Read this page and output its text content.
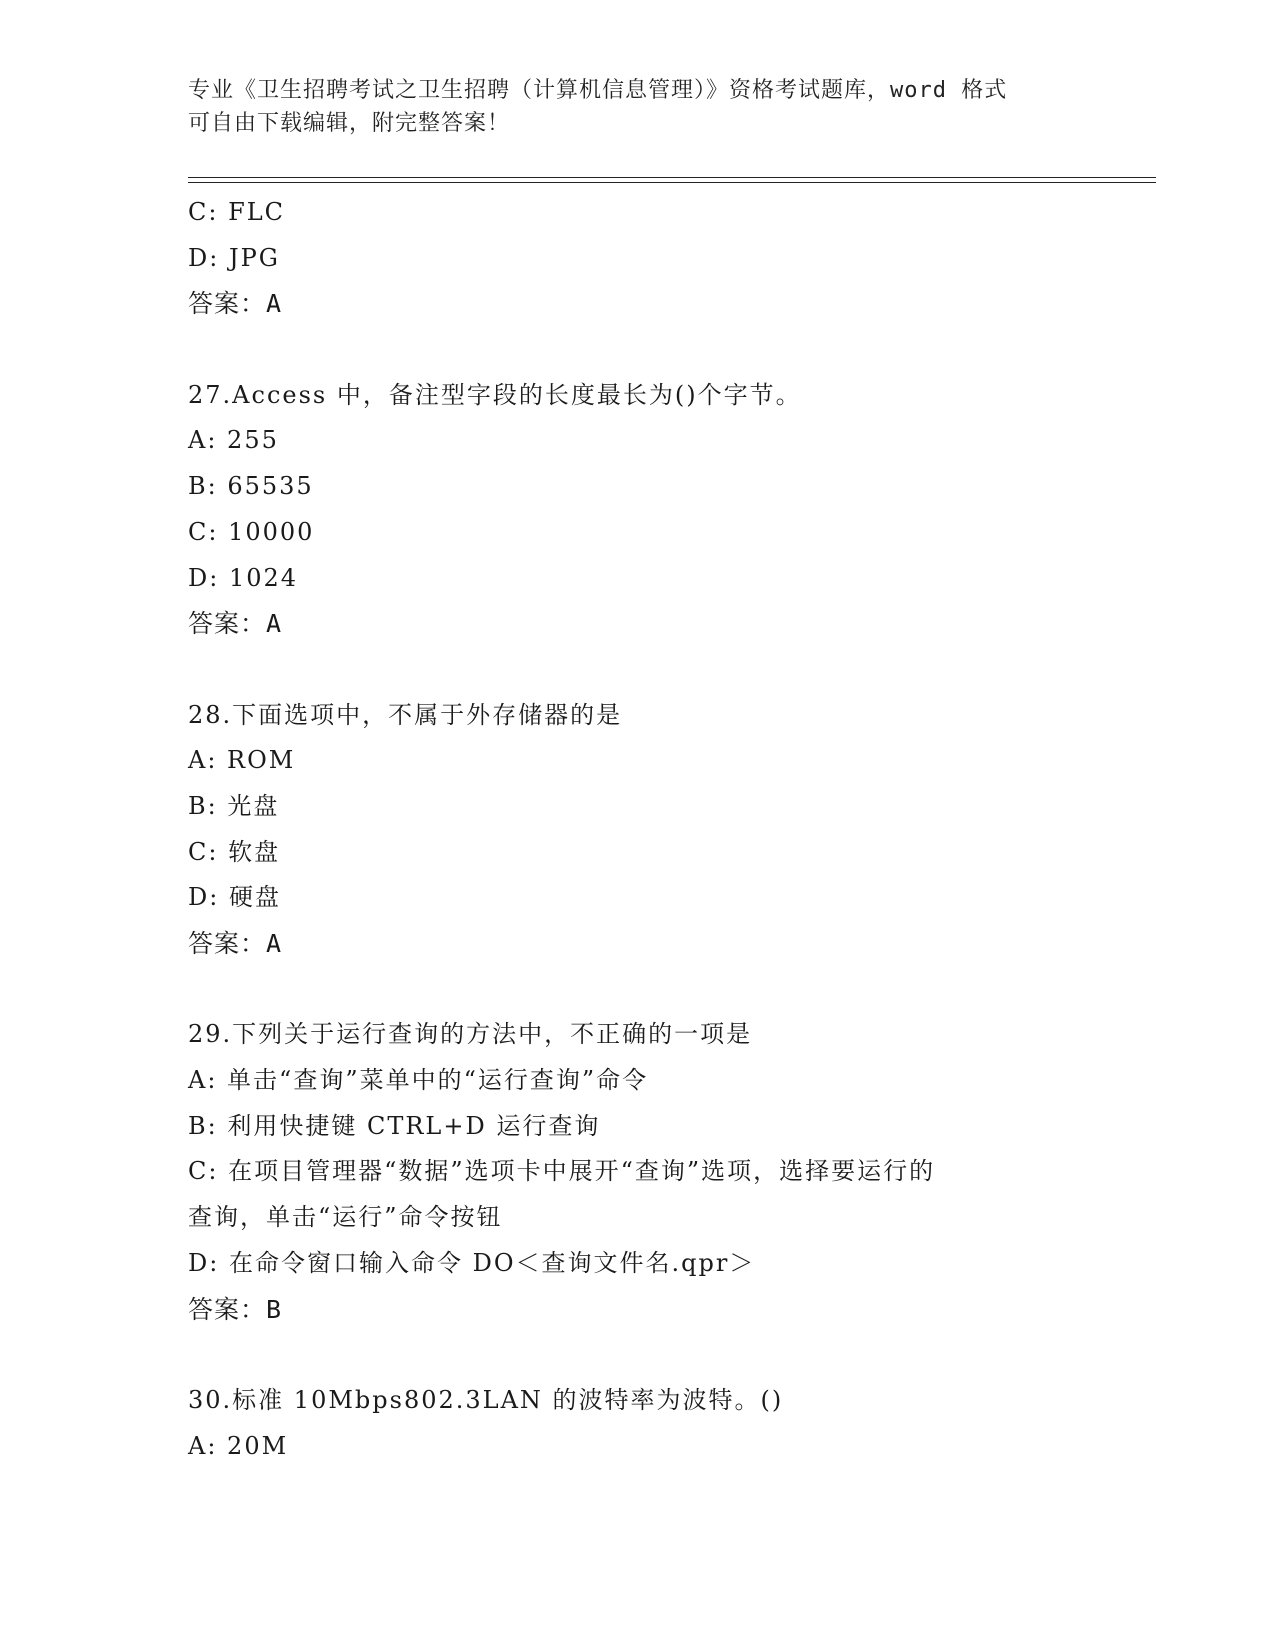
专业《卫生招聘考试之卫生招聘（计算机信息管理）》资格考试题库，word 格式
可自由下载编辑，附完整答案！
C: FLC
D: JPG
答案：A
27.Access 中，备注型字段的长度最长为()个字节。
A: 255
B: 65535
C: 10000
D: 1024
答案：A
28.下面选项中，不属于外存储器的是
A: ROM
B: 光盘
C: 软盘
D: 硬盘
答案：A
29.下列关于运行查询的方法中，不正确的一项是
A: 单击“查询”菜单中的“运行查询”命令
B: 利用快捷键 CTRL+D 运行查询
C: 在项目管理器“数据”选项卡中展开“查询”选项，选择要运行的
查询，单击“运行”命令按钮
D: 在命令窗口输入命令 DO＜查询文件名.qpr＞
答案：B
30.标准 10Mbps802.3LAN 的波特率为波特。()
A: 20M
